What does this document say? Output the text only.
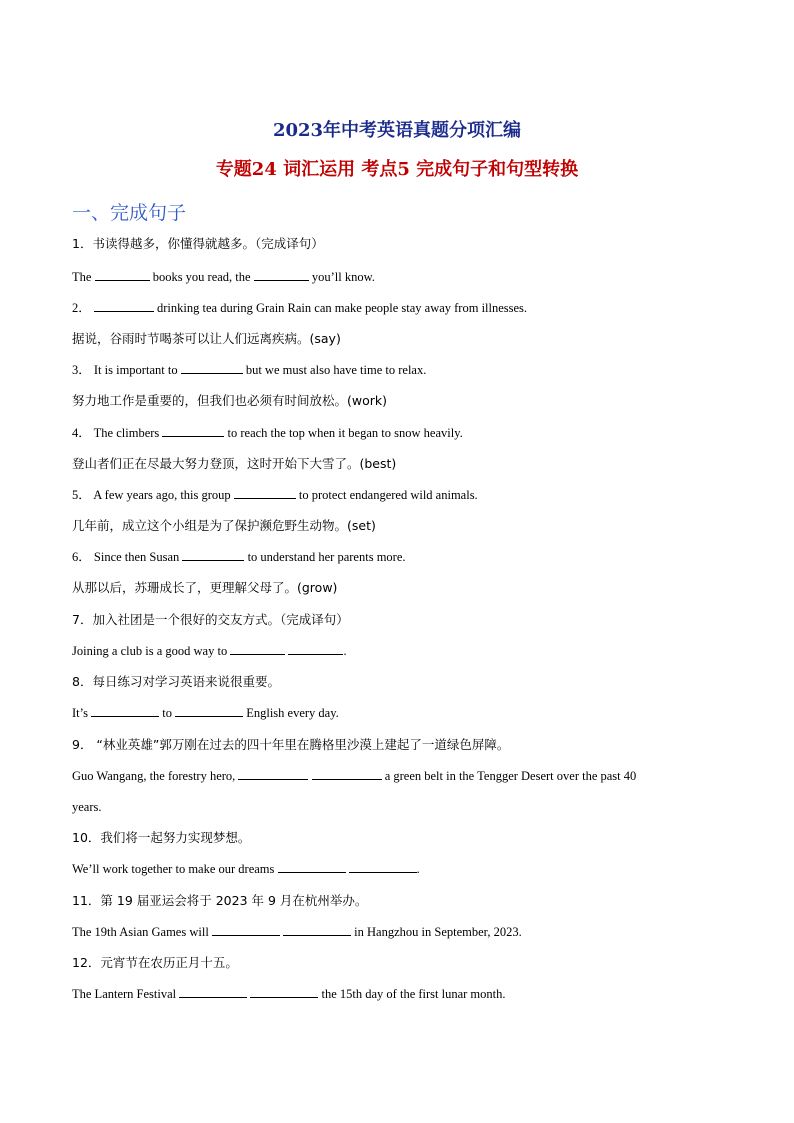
2023年中考英语真题分项汇编
专题24 词汇运用 考点5 完成句子和句型转换
一、完成句子
1．书读得越多，你懂得就越多。（完成译句）
The	books you read, the	you’ll know.
2．	drinking tea during Grain Rain can make people stay away from illnesses.
据说，谷雨时节喝茶可以让人们远离疾病。(say)
3． It is important to	but we must also have time to relax.
努力地工作是重要的，但我们也必须有时间放松。(work)
4． The climbers	to reach the top when it began to snow heavily.
登山者们正在尽最大努力登顶，这时开始下大雪了。(best)
5． A few years ago, this group	to protect endangered wild animals.
几年前，成立这个小组是为了保护濒危野生动物。(set)
6． Since then Susan	to understand her parents more.
从那以后，苏珊成长了，更理解父母了。(grow)
7．加入社团是一个很好的交友方式。（完成译句）
Joining a club is a good way to	.
8．每日练习对学习英语来说很重要。
It’s	to	English every day.
9． “林业英雄”郭万刚在过去的四十年里在腾格里沙漠上建起了一道绿色屏障。
Guo Wangang, the forestry hero,	a green belt in the Tengger Desert over the past 40
years.
10．我们将一起努力实现梦想。
We’ll work together to make our dreams	.
11．第 19 届亚运会将于 2023 年 9 月在杭州举办。
The 19th Asian Games will	in Hangzhou in September, 2023.
12．元宵节在农历正月十五。
The Lantern Festival	the 15th day of the first lunar month.
